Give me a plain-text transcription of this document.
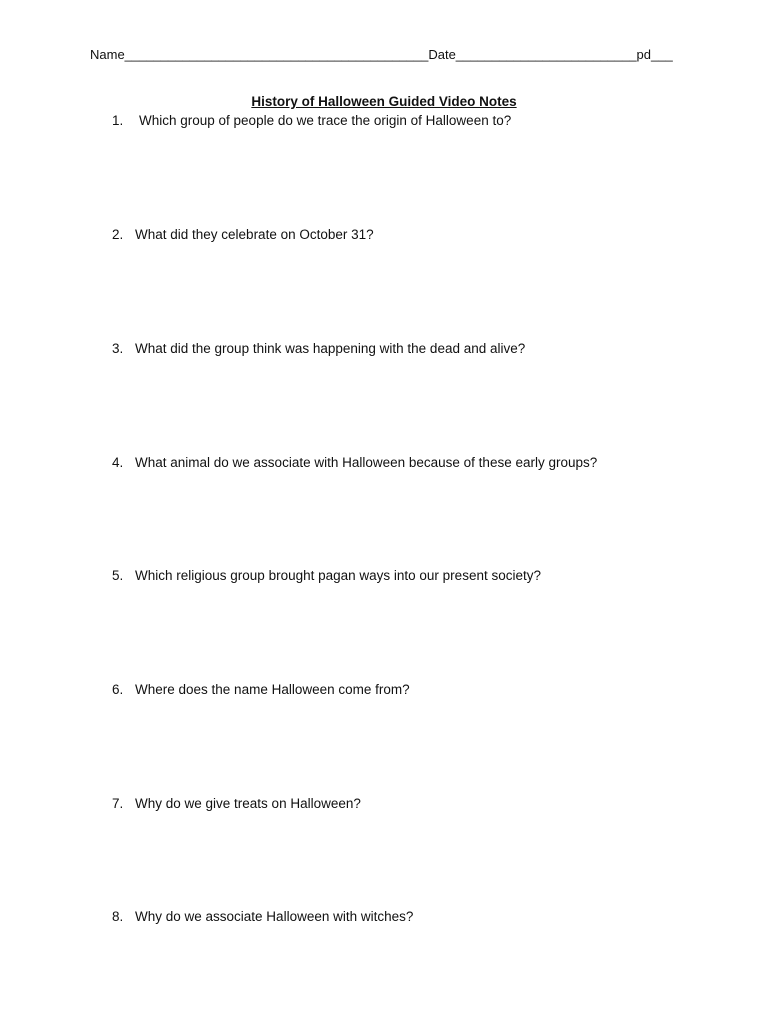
Name__________________________________________Date_________________________pd___
History of Halloween Guided Video Notes
1.	Which group of people do we trace the origin of Halloween to?
2. What did they celebrate on October 31?
3. What did the group think was happening with the dead and alive?
4. What animal do we associate with Halloween because of these early groups?
5. Which religious group brought pagan ways into our present society?
6. Where does the name Halloween come from?
7. Why do we give treats on Halloween?
8. Why do we associate Halloween with witches?
